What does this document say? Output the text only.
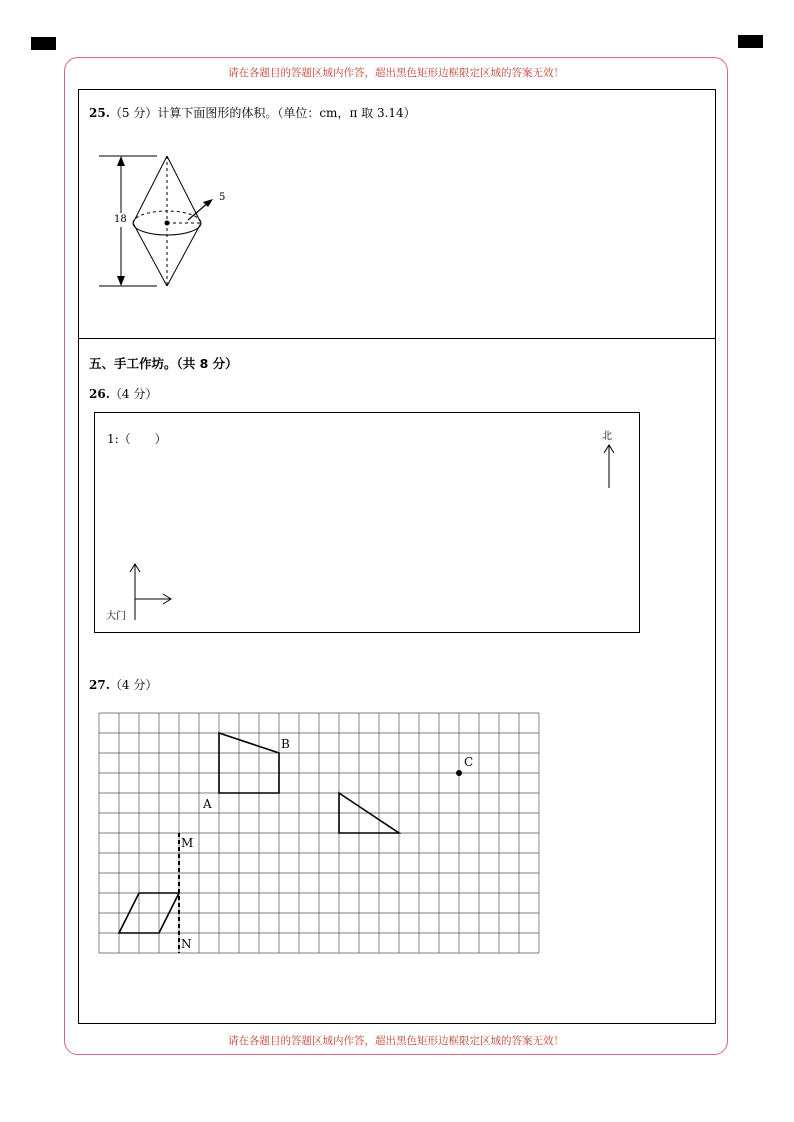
请在各题目的答题区域内作答，超出黑色矩形边框限定区域的答案无效！
请在各题目的答题区域内作答，超出黑色矩形边框限定区域的答案无效！
25.（5 分）计算下面图形的体积。（单位：cm，π 取 3.14）
18
5
五、手工作坊。（共 8 分）
26.（4 分）
1:（　　）	北
大门
27.（4 分）
B
C
A
M
N
